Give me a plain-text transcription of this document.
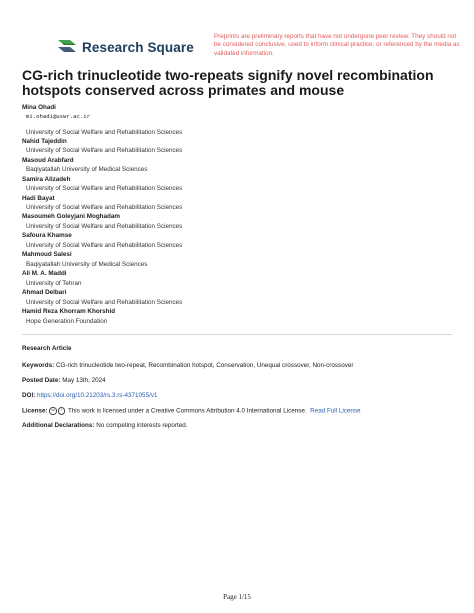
Research Square
Preprints are preliminary reports that have not undergone peer review. They should not be considered conclusive, used to inform clinical practice, or referenced by the media as validated information.
CG-rich trinucleotide two-repeats signify novel recombination hotspots conserved across primates and mouse
Mina Ohadi
mi.ohadi@uswr.ac.ir
University of Social Welfare and Rehabilitation Sciences
Nahid Tajeddin
University of Social Welfare and Rehabilitation Sciences
Masoud Arabfard
Baqiyatallah University of Medical Sciences
Samira Alizadeh
University of Social Welfare and Rehabilitation Sciences
Hadi Bayat
University of Social Welfare and Rehabilitation Sciences
Masoumeh Goleyjani Moghadam
University of Social Welfare and Rehabilitation Sciences
Safoura Khamse
University of Social Welfare and Rehabilitation Sciences
Mahmoud Salesi
Baqiyatallah University of Medical Sciences
Ali M. A. Maddi
University of Tehran
Ahmad Delbari
University of Social Welfare and Rehabilitation Sciences
Hamid Reza Khorram Khorshid
Hope Generation Foundation
Research Article
Keywords: CG-rich trinucleotide two-repeat, Recombination hotspot, Conservation, Unequal crossover, Non-crossover
Posted Date: May 13th, 2024
DOI: https://doi.org/10.21203/rs.3.rs-4371055/v1
License: cc i This work is licensed under a Creative Commons Attribution 4.0 International License. Read Full License
Additional Declarations: No competing interests reported.
Page 1/15
